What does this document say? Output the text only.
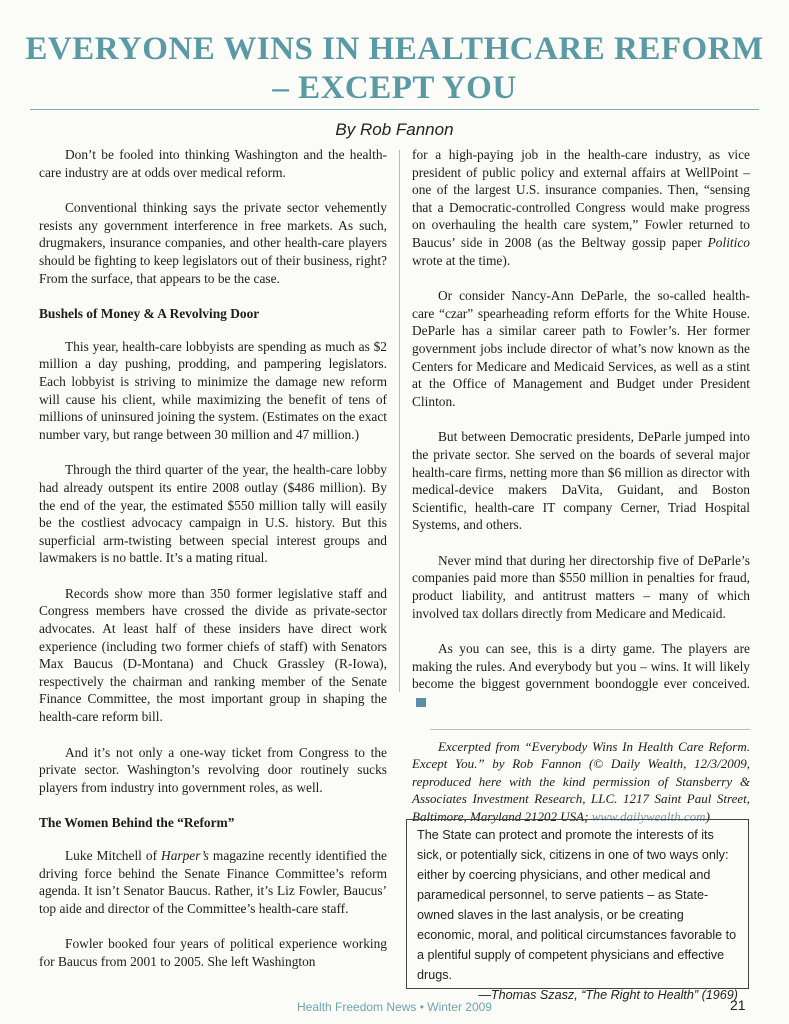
EVERYONE WINS IN HEALTHCARE REFORM
– EXCEPT YOU
By Rob Fannon

Don’t be fooled into thinking Washington and the health-care industry are at odds over medical reform.

Conventional thinking says the private sector vehemently resists any government interference in free markets. As such, drugmakers, insurance companies, and other health-care players should be fighting to keep legislators out of their business, right? From the surface, that appears to be the case.

Bushels of Money & A Revolving Door

This year, health-care lobbyists are spending as much as $2 million a day pushing, prodding, and pampering legislators. Each lobbyist is striving to minimize the damage new reform will cause his client, while maximizing the benefit of tens of millions of uninsured joining the system. (Estimates on the exact number vary, but range between 30 million and 47 million.)

Through the third quarter of the year, the health-care lobby had already outspent its entire 2008 outlay ($486 million). By the end of the year, the estimated $550 million tally will easily be the costliest advocacy campaign in U.S. history. But this superficial arm-twisting between special interest groups and lawmakers is no battle. It’s a mating ritual.

Records show more than 350 former legislative staff and Congress members have crossed the divide as private-sector advocates. At least half of these insiders have direct work experience (including two former chiefs of staff) with Senators Max Baucus (D-Montana) and Chuck Grassley (R-Iowa), respectively the chairman and ranking member of the Senate Finance Committee, the most important group in shaping the health-care reform bill.

And it’s not only a one-way ticket from Congress to the private sector. Washington’s revolving door routinely sucks players from industry into government roles, as well.

The Women Behind the “Reform”

Luke Mitchell of Harper’s magazine recently identified the driving force behind the Senate Finance Committee’s reform agenda. It isn’t Senator Baucus. Rather, it’s Liz Fowler, Baucus’ top aide and director of the Committee’s health-care staff.

Fowler booked four years of political experience working for Baucus from 2001 to 2005. She left Washington

for a high-paying job in the health-care industry, as vice president of public policy and external affairs at WellPoint – one of the largest U.S. insurance companies. Then, “sensing that a Democratic-controlled Congress would make progress on overhauling the health care system,” Fowler returned to Baucus’ side in 2008 (as the Beltway gossip paper Politico wrote at the time).

Or consider Nancy-Ann DeParle, the so-called health-care “czar” spearheading reform efforts for the White House. DeParle has a similar career path to Fowler’s. Her former government jobs include director of what’s now known as the Centers for Medicare and Medicaid Services, as well as a stint at the Office of Management and Budget under President Clinton.

But between Democratic presidents, DeParle jumped into the private sector. She served on the boards of several major health-care firms, netting more than $6 million as director with medical-device makers DaVita, Guidant, and Boston Scientific, health-care IT company Cerner, Triad Hospital Systems, and others.

Never mind that during her directorship five of DeParle’s companies paid more than $550 million in penalties for fraud, product liability, and antitrust matters – many of which involved tax dollars directly from Medicare and Medicaid.

As you can see, this is a dirty game. The players are making the rules. And everybody but you – wins. It will likely become the biggest government boondoggle ever conceived.

Excerpted from “Everybody Wins In Health Care Reform. Except You.” by Rob Fannon (© Daily Wealth, 12/3/2009, reproduced here with the kind permission of Stansberry & Associates Investment Research, LLC. 1217 Saint Paul Street, Baltimore, Maryland 21202 USA; www.dailywealth.com)

The State can protect and promote the interests of its sick, or potentially sick, citizens in one of two ways only: either by coercing physicians, and other medical and paramedical personnel, to serve patients – as State-owned slaves in the last analysis, or be creating economic, moral, and political circumstances favorable to a plentiful supply of competent physicians and effective drugs.
—Thomas Szasz, “The Right to Health” (1969)
Health Freedom News • Winter 2009	21
